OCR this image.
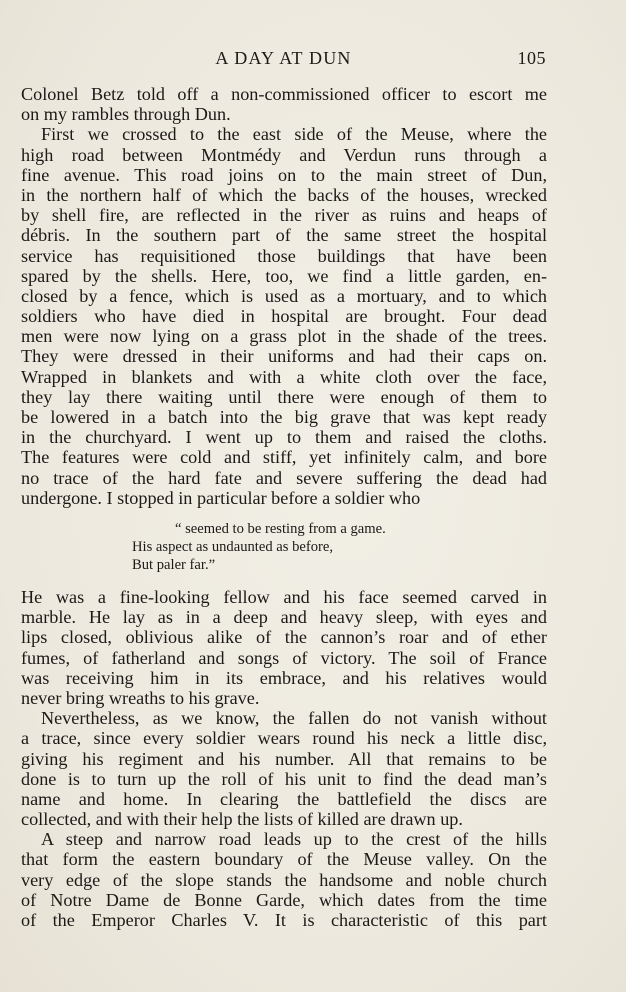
A DAY AT DUN	105
Colonel Betz told off a non-commissioned officer to escort me
on my rambles through Dun.
First we crossed to the east side of the Meuse, where the
high road between Montmédy and Verdun runs through a
fine avenue. This road joins on to the main street of Dun,
in the northern half of which the backs of the houses, wrecked
by shell fire, are reflected in the river as ruins and heaps of
débris. In the southern part of the same street the hospital
service has requisitioned those buildings that have been
spared by the shells. Here, too, we find a little garden, en-
closed by a fence, which is used as a mortuary, and to which
soldiers who have died in hospital are brought. Four dead
men were now lying on a grass plot in the shade of the trees.
They were dressed in their uniforms and had their caps on.
Wrapped in blankets and with a white cloth over the face,
they lay there waiting until there were enough of them to
be lowered in a batch into the big grave that was kept ready
in the churchyard. I went up to them and raised the cloths.
The features were cold and stiff, yet infinitely calm, and bore
no trace of the hard fate and severe suffering the dead had
undergone. I stopped in particular before a soldier who
“ seemed to be resting from a game.
His aspect as undaunted as before,
But paler far.”
He was a fine-looking fellow and his face seemed carved in
marble. He lay as in a deep and heavy sleep, with eyes and
lips closed, oblivious alike of the cannon’s roar and of ether
fumes, of fatherland and songs of victory. The soil of France
was receiving him in its embrace, and his relatives would
never bring wreaths to his grave.
Nevertheless, as we know, the fallen do not vanish without
a trace, since every soldier wears round his neck a little disc,
giving his regiment and his number. All that remains to be
done is to turn up the roll of his unit to find the dead man’s
name and home. In clearing the battlefield the discs are
collected, and with their help the lists of killed are drawn up.
A steep and narrow road leads up to the crest of the hills
that form the eastern boundary of the Meuse valley. On the
very edge of the slope stands the handsome and noble church
of Notre Dame de Bonne Garde, which dates from the time
of the Emperor Charles V. It is characteristic of this part
